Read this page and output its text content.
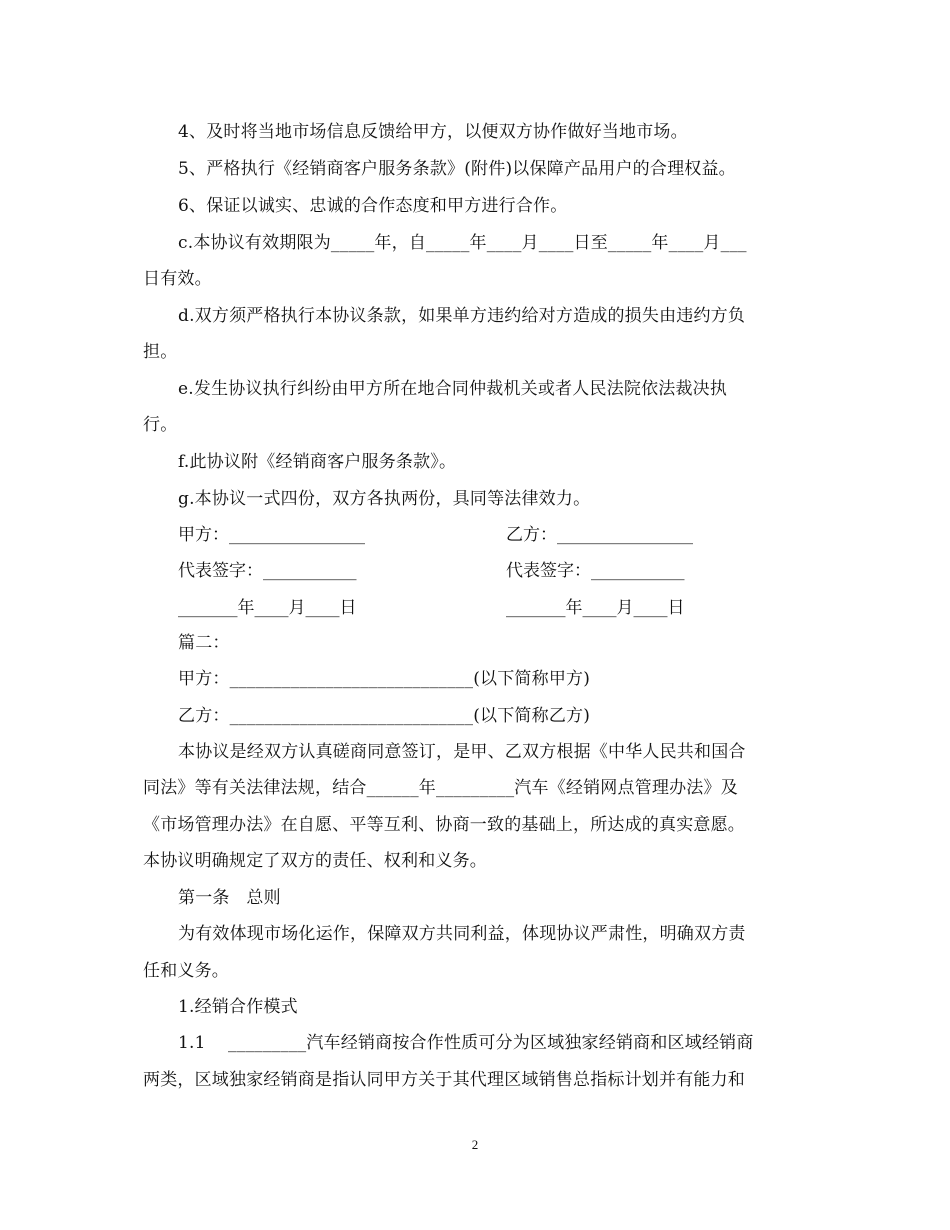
4、及时将当地市场信息反馈给甲方，以便双方协作做好当地市场。
5、严格执行《经销商客户服务条款》(附件)以保障产品用户的合理权益。
6、保证以诚实、忠诚的合作态度和甲方进行合作。
c.本协议有效期限为_____年，自_____年____月____日至_____年____月___
日有效。
d.双方须严格执行本协议条款，如果单方违约给对方造成的损失由违约方负
担。
e.发生协议执行纠纷由甲方所在地合同仲裁机关或者人民法院依法裁决执
行。
f.此协议附《经销商客户服务条款》。
g.本协议一式四份，双方各执两份，具同等法律效力。
甲方：________________	乙方：________________
代表签字：___________	代表签字：___________
_______年____月____日	_______年____月____日
篇二：
甲方：____________________________(以下简称甲方)
乙方：____________________________(以下简称乙方)
本协议是经双方认真磋商同意签订，是甲、乙双方根据《中华人民共和国合
同法》等有关法律法规，结合______年_________汽车《经销网点管理办法》及
《市场管理办法》在自愿、平等互利、协商一致的基础上，所达成的真实意愿。
本协议明确规定了双方的责任、权利和义务。
第一条   总则
为有效体现市场化运作，保障双方共同利益，体现协议严肃性，明确双方责
任和义务。
1.经销合作模式
1.1    _________汽车经销商按合作性质可分为区域独家经销商和区域经销商
两类，区域独家经销商是指认同甲方关于其代理区域销售总指标计划并有能力和
2
